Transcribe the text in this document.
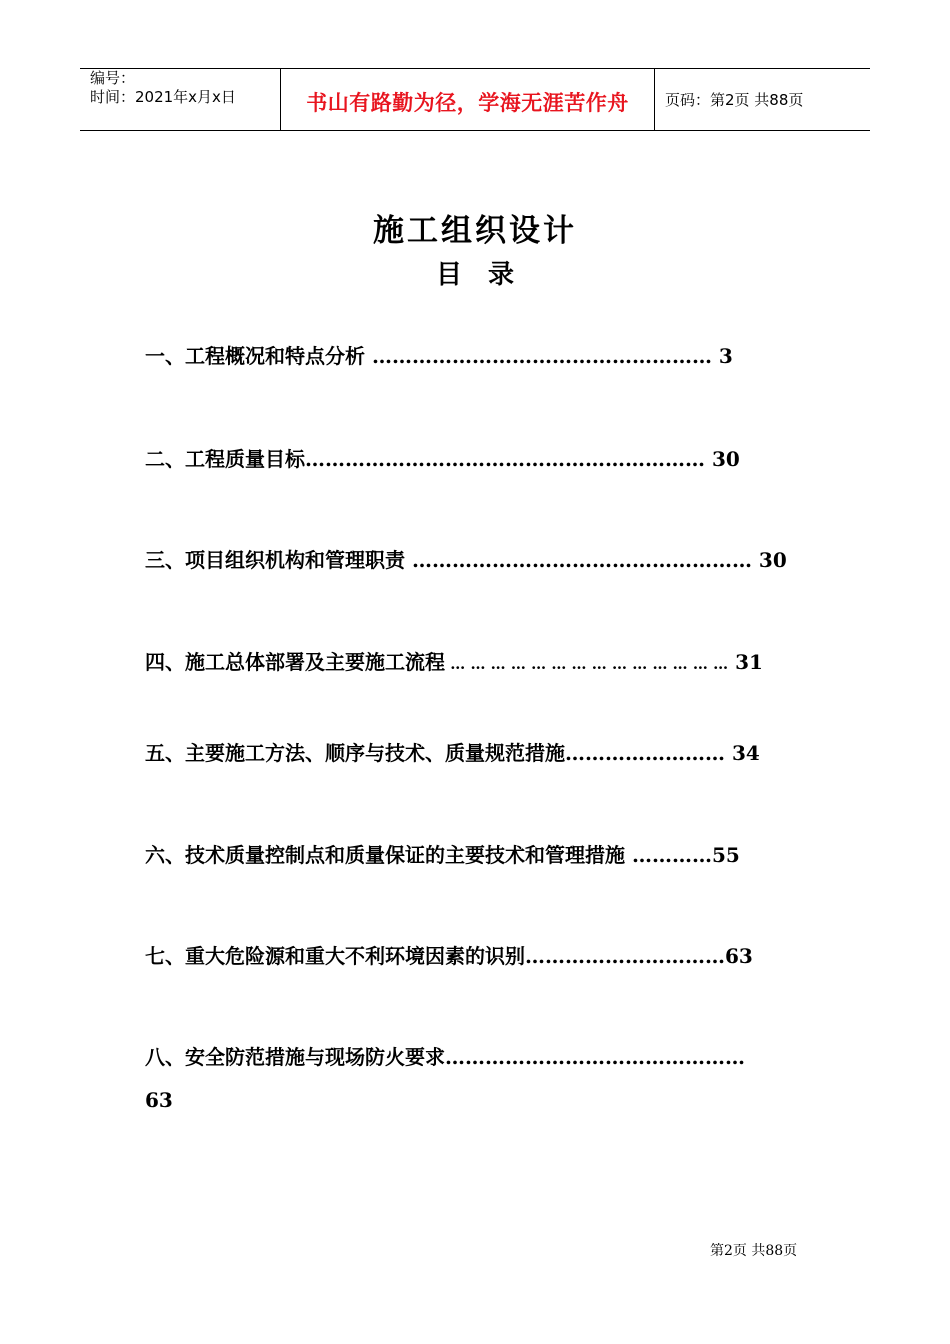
编号：
时间：2021年x月x日	书山有路勤为径，学海无涯苦作舟	页码：第2页 共88页
施工组织设计
目　录
一、工程概况和特点分析 …………………………………………… 3
二、工程质量目标…………………………………………………… 30
三、项目组织机构和管理职责 …………………………………………… 30
四、施工总体部署及主要施工流程 … … … … … … … … … … … … … … 31
五、主要施工方法、顺序与技术、质量规范措施…………………… 34
六、技术质量控制点和质量保证的主要技术和管理措施 …………55
七、重大危险源和重大不利环境因素的识别…………………………63
八、安全防范措施与现场防火要求………………………………………
63
第2页 共88页
